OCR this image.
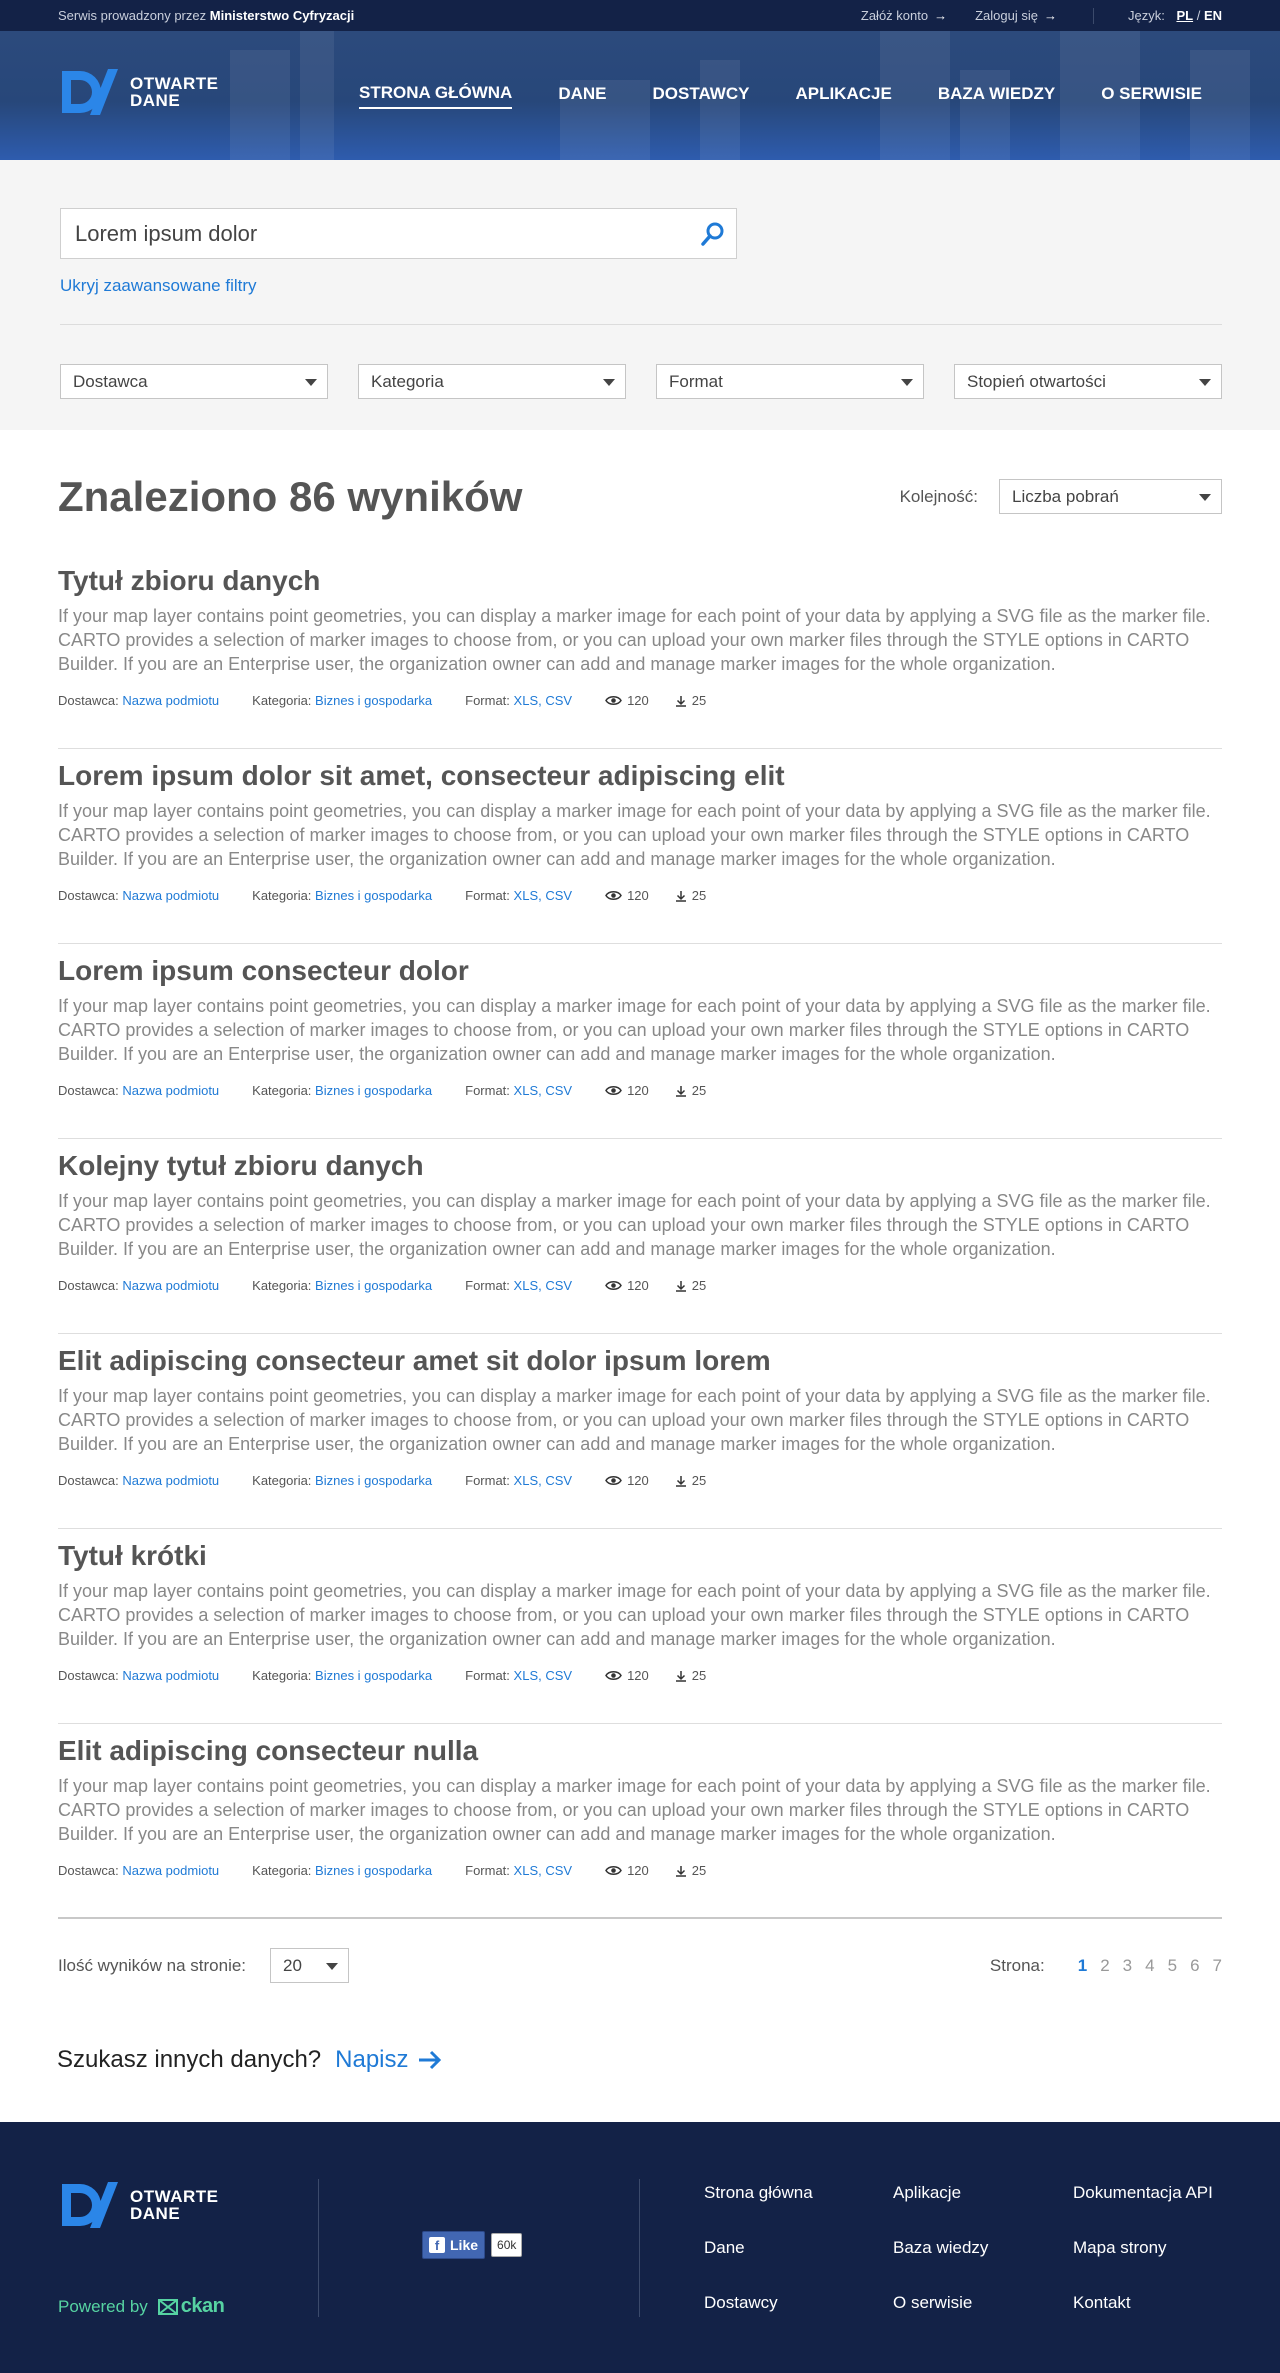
Serwis prowadzony przez Ministerstwo Cyfryzacji	Załóż konto → Zaloguj się →	Język: PL / EN
OTWARTE
DANE	STRONA GŁÓWNA	DANE	DOSTAWCY	APLIKACJE	BAZA WIEDZY	O SERWISIE
Lorem ipsum dolor
Ukryj zaawansowane filtry
Dostawca	Kategoria	Format	Stopień otwartości
Znaleziono 86 wyników	Kolejność: Liczba pobrań
Tytuł zbioru danych

If your map layer contains point geometries, you can display a marker image for each point of your data by applying a SVG file as the marker file. CARTO provides a selection of marker images to choose from, or you can upload your own marker files through the STYLE options in CARTO Builder. If you are an Enterprise user, the organization owner can add and manage marker images for the whole organization.

Dostawca: Nazwa podmiotu	Kategoria: Biznes i gospodarka	Format: XLS, CSV	120	25
Lorem ipsum dolor sit amet, consecteur adipiscing elit

If your map layer contains point geometries, you can display a marker image for each point of your data by applying a SVG file as the marker file. CARTO provides a selection of marker images to choose from, or you can upload your own marker files through the STYLE options in CARTO Builder. If you are an Enterprise user, the organization owner can add and manage marker images for the whole organization.

Dostawca: Nazwa podmiotu	Kategoria: Biznes i gospodarka	Format: XLS, CSV	120	25
Lorem ipsum consecteur dolor

If your map layer contains point geometries, you can display a marker image for each point of your data by applying a SVG file as the marker file. CARTO provides a selection of marker images to choose from, or you can upload your own marker files through the STYLE options in CARTO Builder. If you are an Enterprise user, the organization owner can add and manage marker images for the whole organization.

Dostawca: Nazwa podmiotu	Kategoria: Biznes i gospodarka	Format: XLS, CSV	120	25
Kolejny tytuł zbioru danych

If your map layer contains point geometries, you can display a marker image for each point of your data by applying a SVG file as the marker file. CARTO provides a selection of marker images to choose from, or you can upload your own marker files through the STYLE options in CARTO Builder. If you are an Enterprise user, the organization owner can add and manage marker images for the whole organization.

Dostawca: Nazwa podmiotu	Kategoria: Biznes i gospodarka	Format: XLS, CSV	120	25
Elit adipiscing consecteur amet sit dolor ipsum lorem

If your map layer contains point geometries, you can display a marker image for each point of your data by applying a SVG file as the marker file. CARTO provides a selection of marker images to choose from, or you can upload your own marker files through the STYLE options in CARTO Builder. If you are an Enterprise user, the organization owner can add and manage marker images for the whole organization.

Dostawca: Nazwa podmiotu	Kategoria: Biznes i gospodarka	Format: XLS, CSV	120	25
Tytuł krótki

If your map layer contains point geometries, you can display a marker image for each point of your data by applying a SVG file as the marker file. CARTO provides a selection of marker images to choose from, or you can upload your own marker files through the STYLE options in CARTO Builder. If you are an Enterprise user, the organization owner can add and manage marker images for the whole organization.

Dostawca: Nazwa podmiotu	Kategoria: Biznes i gospodarka	Format: XLS, CSV	120	25
Elit adipiscing consecteur nulla

If your map layer contains point geometries, you can display a marker image for each point of your data by applying a SVG file as the marker file. CARTO provides a selection of marker images to choose from, or you can upload your own marker files through the STYLE options in CARTO Builder. If you are an Enterprise user, the organization owner can add and manage marker images for the whole organization.

Dostawca: Nazwa podmiotu	Kategoria: Biznes i gospodarka	Format: XLS, CSV	120	25
Ilość wyników na stronie: 20	Strona: 1 2 3 4 5 6 7
Szukasz innych danych? Napisz
OTWARTE
DANE
Powered by ckan
f Like	60k
Strona główna	Aplikacje	Dokumentacja API
Dane	Baza wiedzy	Mapa strony
Dostawcy	O serwisie	Kontakt
